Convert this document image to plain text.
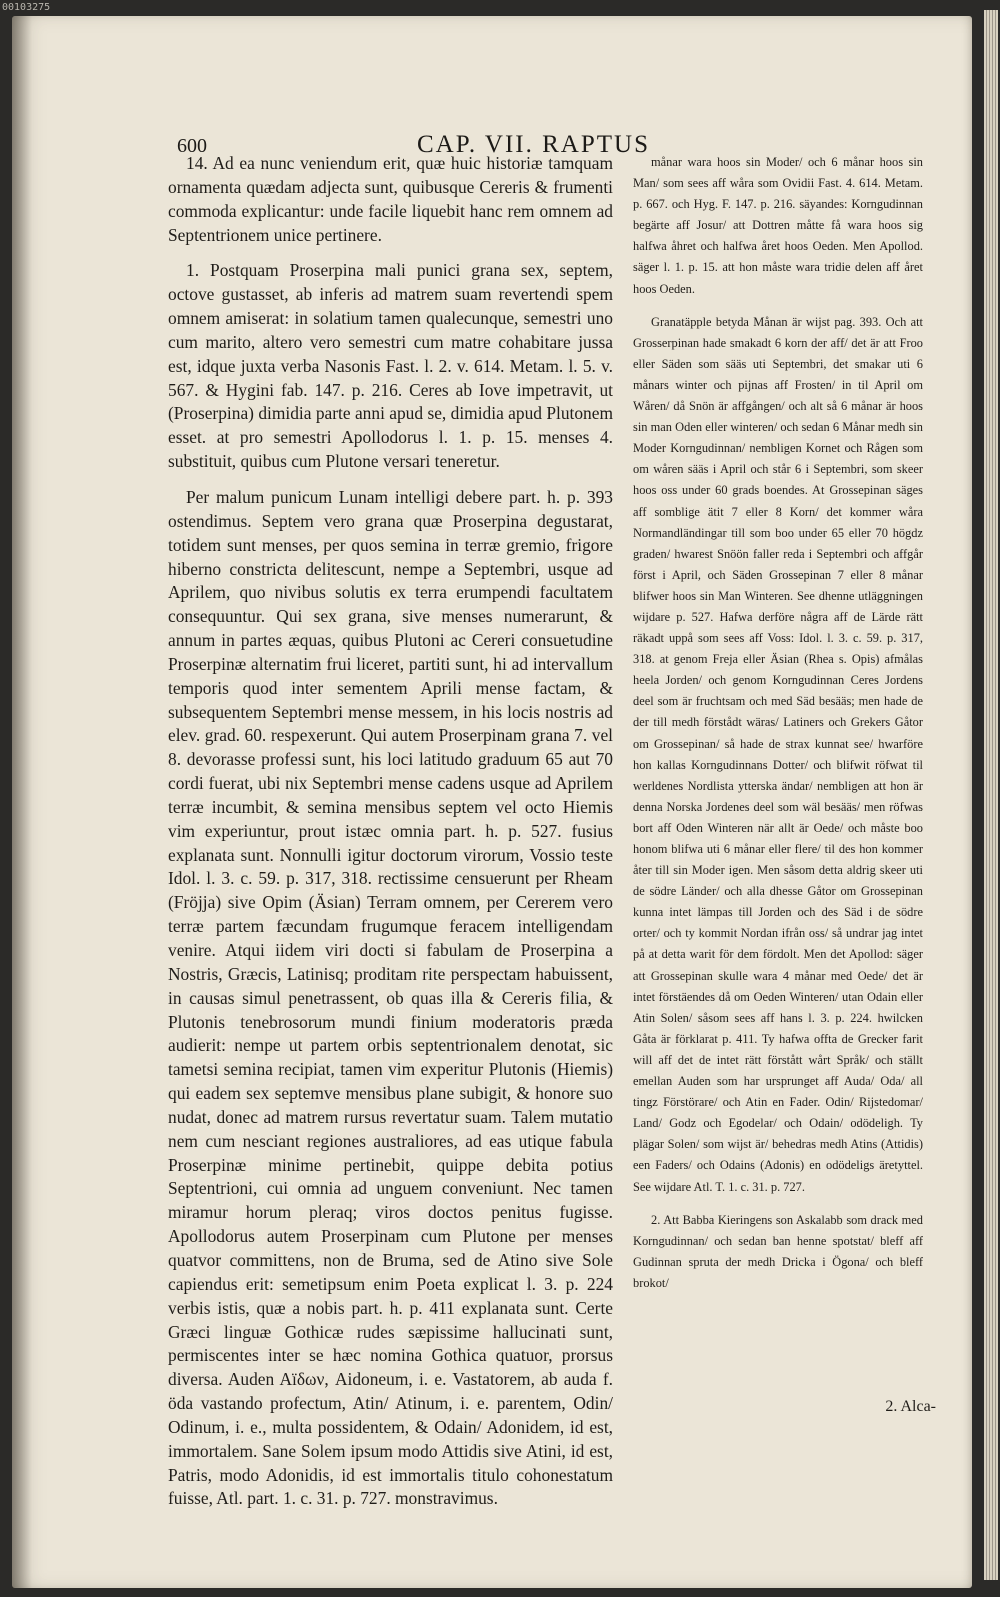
00103275
600	CAP. VII. RAPTUS

14. Ad ea nunc veniendum erit, quæ huic historiæ tamquam ornamenta quædam adjecta sunt, quibusque Cereris & frumenti commoda explicantur: unde facile liquebit hanc rem omnem ad Septentrionem unice pertinere.

1. Postquam Proserpina mali punici grana sex, septem, octove gustasset, ab inferis ad matrem suam revertendi spem omnem amiserat: in solatium tamen qualecunque, semestri uno cum marito, altero vero semestri cum matre cohabitare jussa est, idque juxta verba Nasonis Fast. l. 2. v. 614. Metam. l. 5. v. 567. & Hygini fab. 147. p. 216. Ceres ab Iove impetravit, ut (Proserpina) dimidia parte anni apud se, dimidia apud Plutonem esset. at pro semestri Apollodorus l. 1. p. 15. menses 4. substituit, quibus cum Plutone versari teneretur.

Per malum punicum Lunam intelligi debere part. h. p. 393 ostendimus. Septem vero grana quæ Proserpina degustarat, totidem sunt menses, per quos semina in terræ gremio, frigore hiberno constricta delitescunt, nempe a Septembri, usque ad Aprilem, quo nivibus solutis ex terra erumpendi facultatem consequuntur. Qui sex grana, sive menses numerarunt, & annum in partes æquas, quibus Plutoni ac Cereri consuetudine Proserpinæ alternatim frui liceret, partiti sunt, hi ad intervallum temporis quod inter sementem Aprili mense factam, & subsequentem Septembri mense messem, in his locis nostris ad elev. grad. 60. respexerunt. Qui autem Proserpinam grana 7. vel 8. devorasse professi sunt, his loci latitudo graduum 65 aut 70 cordi fuerat, ubi nix Septembri mense cadens usque ad Aprilem terræ incumbit, & semina mensibus septem vel octo Hiemis vim experiuntur, prout istæc omnia part. h. p. 527. fusius explanata sunt. Nonnulli igitur doctorum virorum, Vossio teste Idol. l. 3. c. 59. p. 317, 318. rectissime censuerunt per Rheam (Fröjja) sive Opim (Äsian) Terram omnem, per Cererem vero terræ partem fæcundam frugumque feracem intelligendam venire. Atqui iidem viri docti si fabulam de Proserpina a Nostris, Græcis, Latinisq; proditam rite perspectam habuissent, in causas simul penetrassent, ob quas illa & Cereris filia, & Plutonis tenebrosorum mundi finium moderatoris præda audierit: nempe ut partem orbis septentrionalem denotat, sic tametsi semina recipiat, tamen vim experitur Plutonis (Hiemis) qui eadem sex septemve mensibus plane subigit, & honore suo nudat, donec ad matrem rursus revertatur suam. Talem mutatio nem cum nesciant regiones australiores, ad eas utique fabula Proserpinæ minime pertinebit, quippe debita potius Septentrioni, cui omnia ad unguem conveniunt. Nec tamen miramur horum pleraq; viros doctos penitus fugisse. Apollodorus autem Proserpinam cum Plutone per menses quatvor committens, non de Bruma, sed de Atino sive Sole capiendus erit: semetipsum enim Poeta explicat l. 3. p. 224 verbis istis, quæ a nobis part. h. p. 411 explanata sunt. Certe Græci linguæ Gothicæ rudes sæpissime hallucinati sunt, permiscentes inter se hæc nomina Gothica quatuor, prorsus diversa. Auden Aïδων, Aidoneum, i. e. Vastatorem, ab auda f. öda vastando profectum, Atin/ Atinum, i. e. parentem, Odin/ Odinum, i. e., multa possidentem, & Odain/ Adonidem, id est, immortalem. Sane Solem ipsum modo Attidis sive Atini, id est, Patris, modo Adonidis, id est immortalis titulo cohonestatum fuisse, Atl. part. 1. c. 31. p. 727. monstravimus.

månar wara hoos sin Moder/ och 6 månar hoos sin Man/ som sees aff wåra som Ovidii Fast. 4. 614. Metam. p. 667. och Hyg. F. 147. p. 216. säyandes: Korngudinnan begärte aff Josur/ att Dottren måtte få wara hoos sig halfwa åhret och halfwa året hoos Oeden. Men Apollod. säger l. 1. p. 15. att hon måste wara tridie delen aff året hoos Oeden.

Granatäpple betyda Månan är wijst pag. 393. Och att Grosserpinan hade smakadt 6 korn der aff/ det är att Froo eller Säden som sääs uti Septembri, det smakar uti 6 månars winter och pijnas aff Frosten/ in til April om Wåren/ då Snön är affgången/ och alt så 6 månar är hoos sin man Oden eller winteren/ och sedan 6 Månar medh sin Moder Korngudinnan/ nembligen Kornet och Rågen som om wåren sääs i April och står 6 i Septembri, som skeer hoos oss under 60 grads boendes. At Grossepinan säges aff somblige ätit 7 eller 8 Korn/ det kommer wåra Normandländingar till som boo under 65 eller 70 högdz graden/ hwarest Snöön faller reda i Septembri och affgår först i April, och Säden Grossepinan 7 eller 8 månar blifwer hoos sin Man Winteren. See dhenne utläggningen wijdare p. 527. Hafwa derföre några aff de Lärde rätt räkadt uppå som sees aff Voss: Idol. l. 3. c. 59. p. 317, 318. at genom Freja eller Äsian (Rhea s. Opis) afmålas heela Jorden/ och genom Korngudinnan Ceres Jordens deel som är fruchtsam och med Säd besääs; men hade de der till medh förstådt wäras/ Latiners och Grekers Gåtor om Grossepinan/ så hade de strax kunnat see/ hwarföre hon kallas Korngudinnans Dotter/ och blifwit röfwat til werldenes Nordlista ytterska ändar/ nembligen att hon är denna Norska Jordenes deel som wäl besääs/ men röfwas bort aff Oden Winteren när allt är Oede/ och måste boo honom blifwa uti 6 månar eller flere/ til des hon kommer åter till sin Moder igen. Men såsom detta aldrig skeer uti de södre Länder/ och alla dhesse Gåtor om Grossepinan kunna intet lämpas till Jorden och des Säd i de södre orter/ och ty kommit Nordan ifrån oss/ så undrar jag intet på at detta warit för dem fördolt. Men det Apollod: säger att Grossepinan skulle wara 4 månar med Oede/ det är intet förstäendes då om Oeden Winteren/ utan Odain eller Atin Solen/ såsom sees aff hans l. 3. p. 224. hwilcken Gåta är förklarat p. 411. Ty hafwa offta de Grecker farit will aff det de intet rätt förstått wårt Språk/ och ställt emellan Auden som har ursprunget aff Auda/ Oda/ all tingz Förstörare/ och Atin en Fader. Odin/ Rijstedomar/ Land/ Godz och Egodelar/ och Odain/ odödeligh. Ty plägar Solen/ som wijst är/ behedras medh Atins (Attidis) een Faders/ och Odains (Adonis) en odödeligs äretyttel. See wijdare Atl. T. 1. c. 31. p. 727.

2. Att Babba Kieringens son Askalabb som drack med Korngudinnan/ och sedan ban henne spotstat/ bleff aff Gudinnan spruta der medh Dricka i Ögona/ och bleff brokot/

2. Alca-
